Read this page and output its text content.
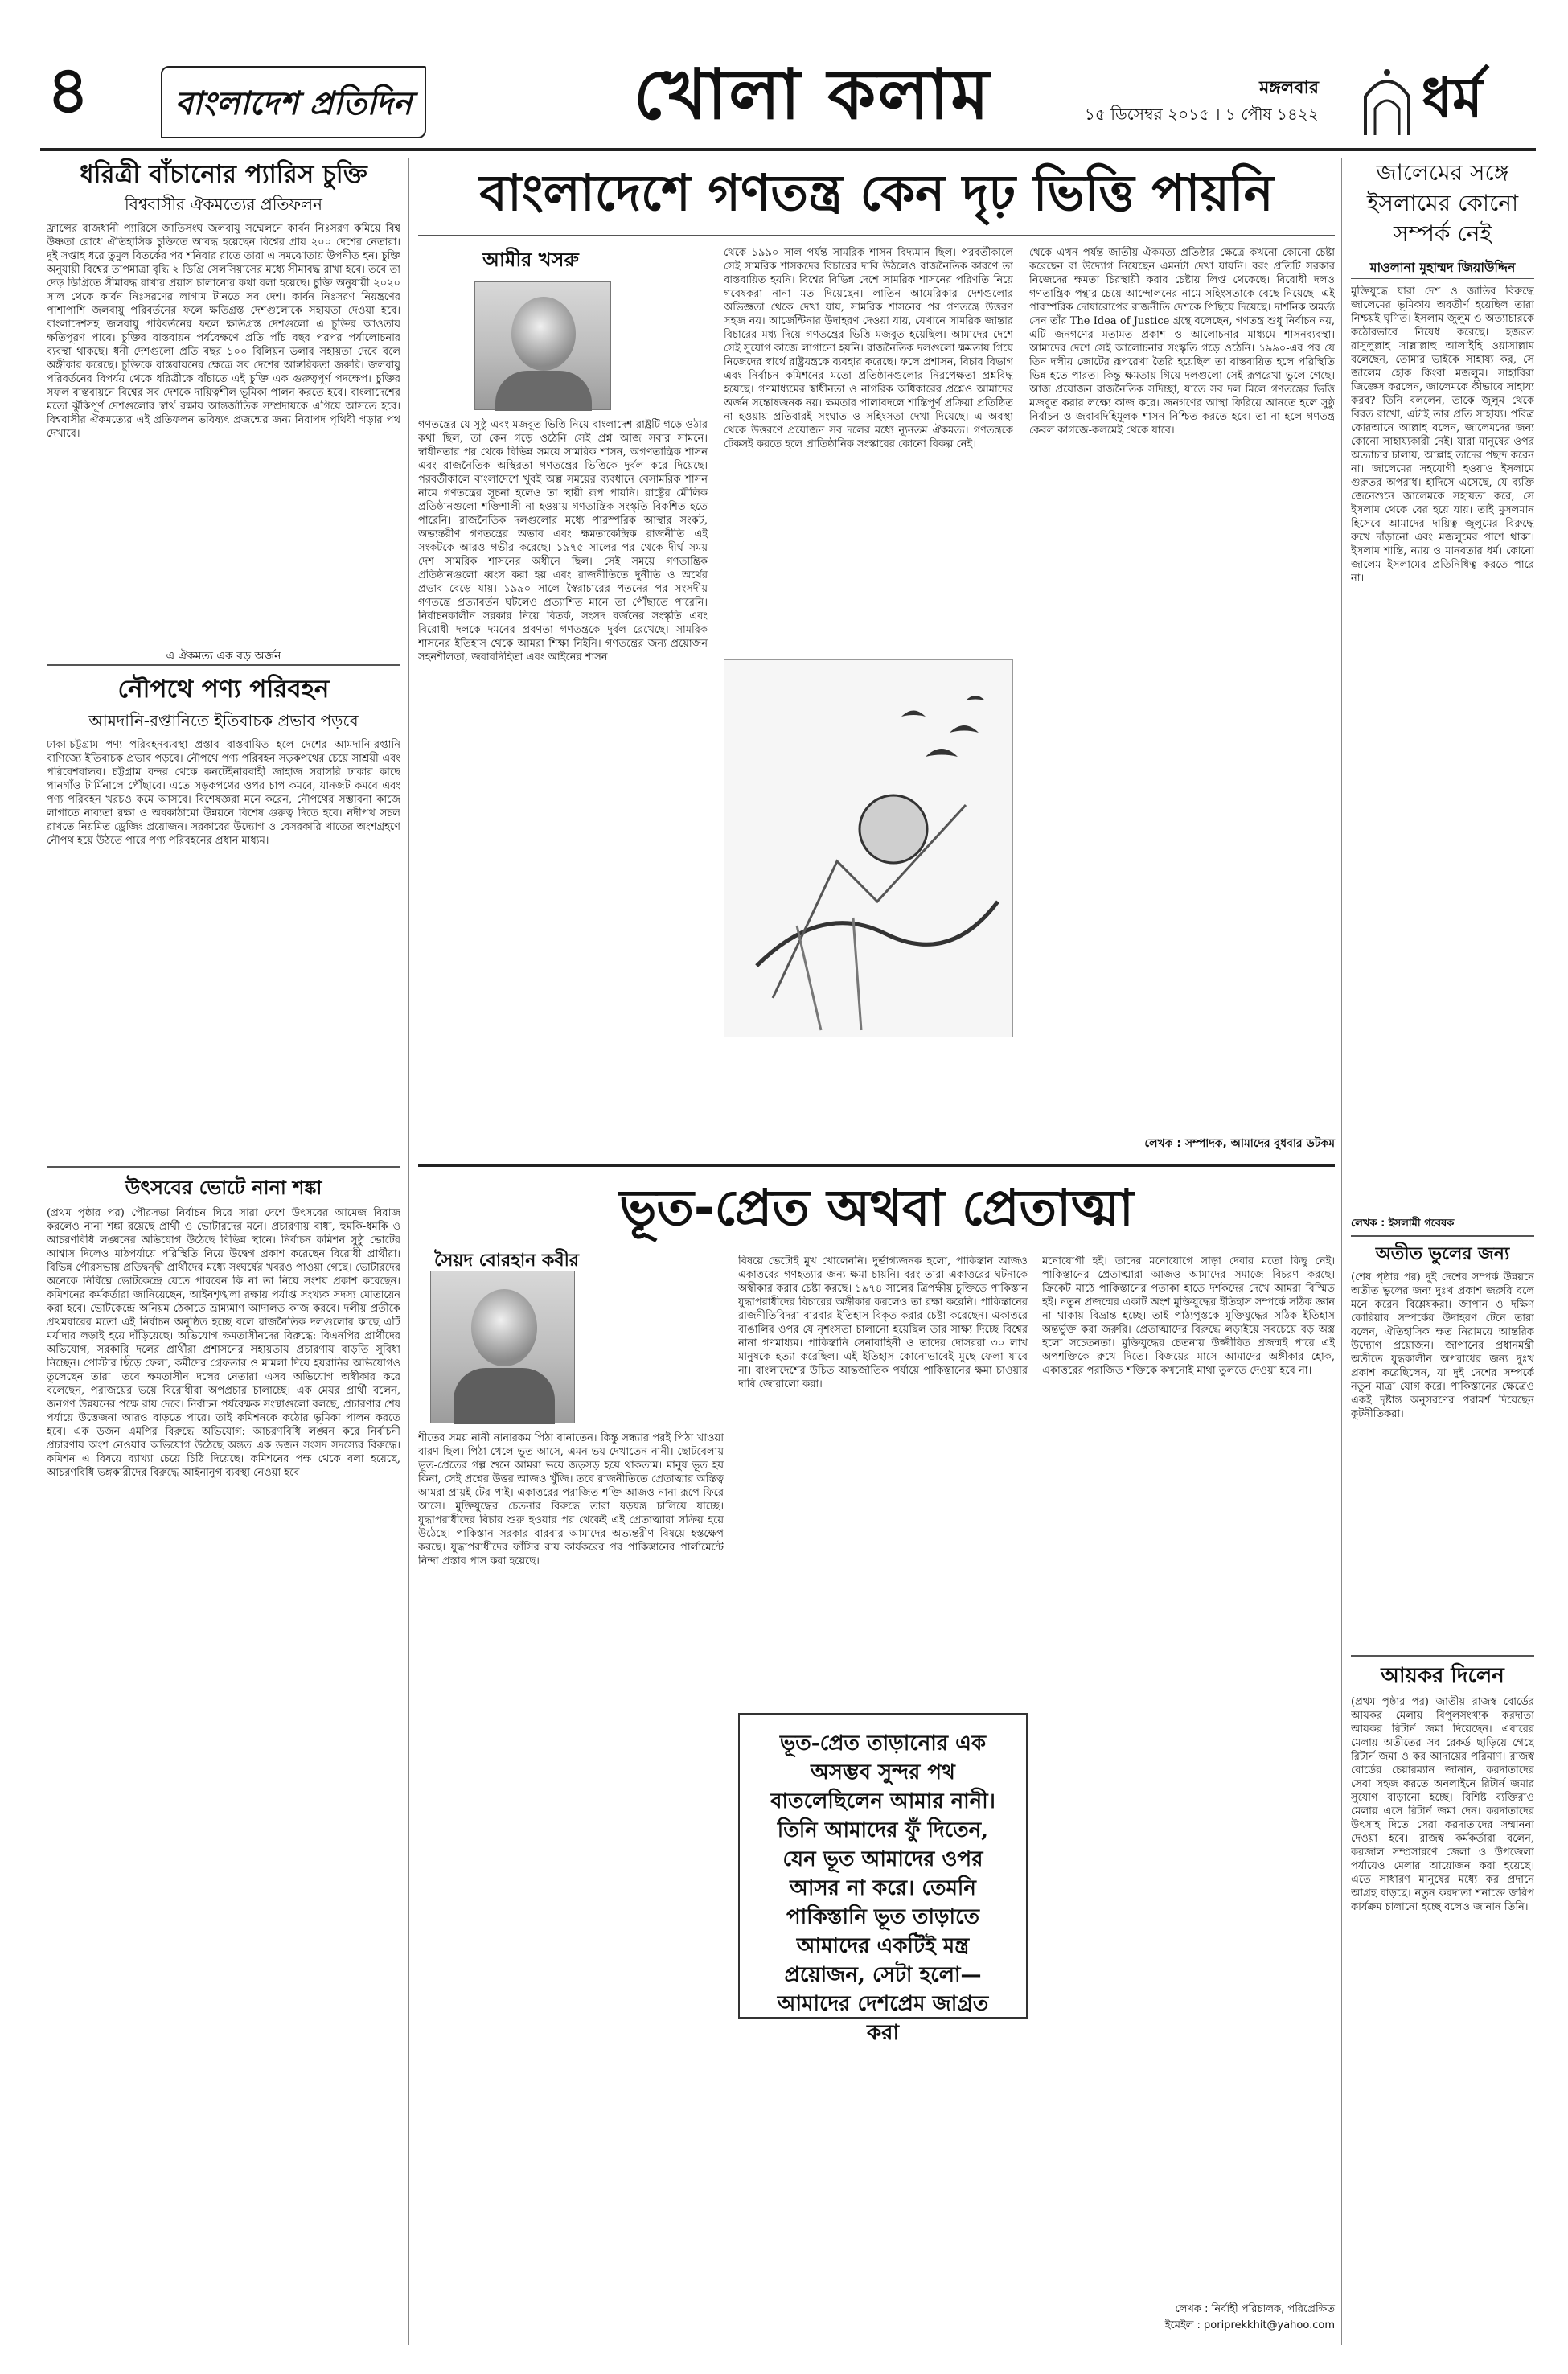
৪	বাংলাদেশ প্রতিদিন	খোলা কলাম	মঙ্গলবার
১৫ ডিসেম্বর ২০১৫ । ১ পৌষ ১৪২২ ধর্ম
ধরিত্রী বাঁচানোর প্যারিস চুক্তি
বিশ্ববাসীর ঐকমত্যের প্রতিফলন
ফ্রান্সের রাজধানী প্যারিসে জাতিসংঘ জলবায়ু সম্মেলনে কার্বন নিঃসরণ কমিয়ে বিশ্ব উষ্ণতা রোধে ঐতিহাসিক চুক্তিতে আবদ্ধ হয়েছেন বিশ্বের প্রায় ২০০ দেশের নেতারা। দুই সপ্তাহ ধরে তুমুল বিতর্কের পর শনিবার রাতে তারা এ সমঝোতায় উপনীত হন। চুক্তি অনুযায়ী বিশ্বের তাপমাত্রা বৃদ্ধি ২ ডিগ্রি সেলসিয়াসের মধ্যে সীমাবদ্ধ রাখা হবে। তবে তা দেড় ডিগ্রিতে সীমাবদ্ধ রাখার প্রয়াস চালানোর কথা বলা হয়েছে। চুক্তি অনুযায়ী ২০২০ সাল থেকে কার্বন নিঃসরণের লাগাম টানতে সব দেশ। কার্বন নিঃসরণ নিয়ন্ত্রণের পাশাপাশি জলবায়ু পরিবর্তনের ফলে ক্ষতিগ্রস্ত দেশগুলোকে সহায়তা দেওয়া হবে। বাংলাদেশসহ জলবায়ু পরিবর্তনের ফলে ক্ষতিগ্রস্ত দেশগুলো এ চুক্তির আওতায় ক্ষতিপূরণ পাবে। চুক্তির বাস্তবায়ন পর্যবেক্ষণে প্রতি পাঁচ বছর পরপর পর্যালোচনার ব্যবস্থা থাকছে। ধনী দেশগুলো প্রতি বছর ১০০ বিলিয়ন ডলার সহায়তা দেবে বলে অঙ্গীকার করেছে। চুক্তিকে বাস্তবায়নের ক্ষেত্রে সব দেশের আন্তরিকতা জরুরি। জলবায়ু পরিবর্তনের বিপর্যয় থেকে ধরিত্রীকে বাঁচাতে এই চুক্তি এক গুরুত্বপূর্ণ পদক্ষেপ। চুক্তির সফল বাস্তবায়নে বিশ্বের সব দেশকে দায়িত্বশীল ভূমিকা পালন করতে হবে। বাংলাদেশের মতো ঝুঁকিপূর্ণ দেশগুলোর স্বার্থ রক্ষায় আন্তর্জাতিক সম্প্রদায়কে এগিয়ে আসতে হবে। বিশ্ববাসীর ঐকমত্যের এই প্রতিফলন ভবিষ্যৎ প্রজন্মের জন্য নিরাপদ পৃথিবী গড়ার পথ দেখাবে।
এ ঐকমত্য এক বড় অর্জন
নৌপথে পণ্য পরিবহন
আমদানি-রপ্তানিতে ইতিবাচক প্রভাব পড়বে
ঢাকা-চট্টগ্রাম পণ্য পরিবহনব্যবস্থা প্রস্তাব বাস্তবায়িত হলে দেশের আমদানি-রপ্তানি বাণিজ্যে ইতিবাচক প্রভাব পড়বে। নৌপথে পণ্য পরিবহন সড়কপথের চেয়ে সাশ্রয়ী এবং পরিবেশবান্ধব। চট্টগ্রাম বন্দর থেকে কনটেইনারবাহী জাহাজ সরাসরি ঢাকার কাছে পানগাঁও টার্মিনালে পৌঁছাবে। এতে সড়কপথের ওপর চাপ কমবে, যানজট কমবে এবং পণ্য পরিবহন খরচও কমে আসবে। বিশেষজ্ঞরা মনে করেন, নৌপথের সম্ভাবনা কাজে লাগাতে নাব্যতা রক্ষা ও অবকাঠামো উন্নয়নে বিশেষ গুরুত্ব দিতে হবে। নদীপথ সচল রাখতে নিয়মিত ড্রেজিং প্রয়োজন। সরকারের উদ্যোগ ও বেসরকারি খাতের অংশগ্রহণে নৌপথ হয়ে উঠতে পারে পণ্য পরিবহনের প্রধান মাধ্যম।
উৎসবের ভোটে নানা শঙ্কা
(প্রথম পৃষ্ঠার পর) পৌরসভা নির্বাচন ঘিরে সারা দেশে উৎসবের আমেজ বিরাজ করলেও নানা শঙ্কা রয়েছে প্রার্থী ও ভোটারদের মনে। প্রচারণায় বাধা, হুমকি-ধমকি ও আচরণবিধি লঙ্ঘনের অভিযোগ উঠেছে বিভিন্ন স্থানে। নির্বাচন কমিশন সুষ্ঠু ভোটের আশ্বাস দিলেও মাঠপর্যায়ে পরিস্থিতি নিয়ে উদ্বেগ প্রকাশ করেছেন বিরোধী প্রার্থীরা। বিভিন্ন পৌরসভায় প্রতিদ্বন্দ্বী প্রার্থীদের মধ্যে সংঘর্ষের খবরও পাওয়া গেছে। ভোটারদের অনেকে নির্বিঘ্নে ভোটকেন্দ্রে যেতে পারবেন কি না তা নিয়ে সংশয় প্রকাশ করেছেন। কমিশনের কর্মকর্তারা জানিয়েছেন, আইনশৃঙ্খলা রক্ষায় পর্যাপ্ত সংখ্যক সদস্য মোতায়েন করা হবে। ভোটকেন্দ্রে অনিয়ম ঠেকাতে ভ্রাম্যমাণ আদালত কাজ করবে। দলীয় প্রতীকে প্রথমবারের মতো এই নির্বাচন অনুষ্ঠিত হচ্ছে বলে রাজনৈতিক দলগুলোর কাছে এটি মর্যাদার লড়াই হয়ে দাঁড়িয়েছে। অভিযোগ ক্ষমতাসীনদের বিরুদ্ধে: বিএনপির প্রার্থীদের অভিযোগ, সরকারি দলের প্রার্থীরা প্রশাসনের সহায়তায় প্রচারণায় বাড়তি সুবিধা নিচ্ছেন। পোস্টার ছিঁড়ে ফেলা, কর্মীদের গ্রেফতার ও মামলা দিয়ে হয়রানির অভিযোগও তুলেছেন তারা। তবে ক্ষমতাসীন দলের নেতারা এসব অভিযোগ অস্বীকার করে বলেছেন, পরাজয়ের ভয়ে বিরোধীরা অপপ্রচার চালাচ্ছে। এক মেয়র প্রার্থী বলেন, জনগণ উন্নয়নের পক্ষে রায় দেবে। নির্বাচন পর্যবেক্ষক সংস্থাগুলো বলছে, প্রচারণার শেষ পর্যায়ে উত্তেজনা আরও বাড়তে পারে। তাই কমিশনকে কঠোর ভূমিকা পালন করতে হবে। এক ডজন এমপির বিরুদ্ধে অভিযোগ: আচরণবিধি লঙ্ঘন করে নির্বাচনী প্রচারণায় অংশ নেওয়ার অভিযোগ উঠেছে অন্তত এক ডজন সংসদ সদস্যের বিরুদ্ধে। কমিশন এ বিষয়ে ব্যাখ্যা চেয়ে চিঠি দিয়েছে। কমিশনের পক্ষ থেকে বলা হয়েছে, আচরণবিধি ভঙ্গকারীদের বিরুদ্ধে আইনানুগ ব্যবস্থা নেওয়া হবে।
বাংলাদেশে গণতন্ত্র কেন দৃঢ় ভিত্তি পায়নি
আমীর খসরু
গণতন্ত্রের যে সুষ্ঠু এবং মজবুত ভিত্তি নিয়ে বাংলাদেশ রাষ্ট্রটি গড়ে ওঠার কথা ছিল, তা কেন গড়ে ওঠেনি সেই প্রশ্ন আজ সবার সামনে। স্বাধীনতার পর থেকে বিভিন্ন সময়ে সামরিক শাসন, অগণতান্ত্রিক শাসন এবং রাজনৈতিক অস্থিরতা গণতন্ত্রের ভিত্তিকে দুর্বল করে দিয়েছে। পরবর্তীকালে বাংলাদেশে খুবই অল্প সময়ের ব্যবধানে বেসামরিক শাসন নামে গণতন্ত্রের সূচনা হলেও তা স্থায়ী রূপ পায়নি। রাষ্ট্রের মৌলিক প্রতিষ্ঠানগুলো শক্তিশালী না হওয়ায় গণতান্ত্রিক সংস্কৃতি বিকশিত হতে পারেনি। রাজনৈতিক দলগুলোর মধ্যে পারস্পরিক আস্থার সংকট, অভ্যন্তরীণ গণতন্ত্রের অভাব এবং ক্ষমতাকেন্দ্রিক রাজনীতি এই সংকটকে আরও গভীর করেছে। ১৯৭৫ সালের পর থেকে দীর্ঘ সময় দেশ সামরিক শাসনের অধীনে ছিল। সেই সময়ে গণতান্ত্রিক প্রতিষ্ঠানগুলো ধ্বংস করা হয় এবং রাজনীতিতে দুর্নীতি ও অর্থের প্রভাব বেড়ে যায়। ১৯৯০ সালে স্বৈরাচারের পতনের পর সংসদীয় গণতন্ত্রে প্রত্যাবর্তন ঘটলেও প্রত্যাশিত মানে তা পৌঁছাতে পারেনি। নির্বাচনকালীন সরকার নিয়ে বিতর্ক, সংসদ বর্জনের সংস্কৃতি এবং বিরোধী দলকে দমনের প্রবণতা গণতন্ত্রকে দুর্বল রেখেছে। সামরিক শাসনের ইতিহাস থেকে আমরা শিক্ষা নিইনি। গণতন্ত্রের জন্য প্রয়োজন সহনশীলতা, জবাবদিহিতা এবং আইনের শাসন।
থেকে ১৯৯০ সাল পর্যন্ত সামরিক শাসন বিদ্যমান ছিল। পরবর্তীকালে সেই সামরিক শাসকদের বিচারের দাবি উঠলেও রাজনৈতিক কারণে তা বাস্তবায়িত হয়নি। বিশ্বের বিভিন্ন দেশে সামরিক শাসনের পরিণতি নিয়ে গবেষকরা নানা মত দিয়েছেন। লাতিন আমেরিকার দেশগুলোর অভিজ্ঞতা থেকে দেখা যায়, সামরিক শাসনের পর গণতন্ত্রে উত্তরণ সহজ নয়। আর্জেন্টিনার উদাহরণ দেওয়া যায়, যেখানে সামরিক জান্তার বিচারের মধ্য দিয়ে গণতন্ত্রের ভিত্তি মজবুত হয়েছিল। আমাদের দেশে সেই সুযোগ কাজে লাগানো হয়নি। রাজনৈতিক দলগুলো ক্ষমতায় গিয়ে নিজেদের স্বার্থে রাষ্ট্রযন্ত্রকে ব্যবহার করেছে। ফলে প্রশাসন, বিচার বিভাগ এবং নির্বাচন কমিশনের মতো প্রতিষ্ঠানগুলোর নিরপেক্ষতা প্রশ্নবিদ্ধ হয়েছে। গণমাধ্যমের স্বাধীনতা ও নাগরিক অধিকারের প্রশ্নেও আমাদের অর্জন সন্তোষজনক নয়। ক্ষমতার পালাবদলে শান্তিপূর্ণ প্রক্রিয়া প্রতিষ্ঠিত না হওয়ায় প্রতিবারই সংঘাত ও সহিংসতা দেখা দিয়েছে। এ অবস্থা থেকে উত্তরণে প্রয়োজন সব দলের মধ্যে ন্যূনতম ঐকমত্য। গণতন্ত্রকে টেকসই করতে হলে প্রাতিষ্ঠানিক সংস্কারের কোনো বিকল্প নেই।
থেকে এখন পর্যন্ত জাতীয় ঐকমত্য প্রতিষ্ঠার ক্ষেত্রে কখনো কোনো চেষ্টা করেছেন বা উদ্যোগ নিয়েছেন এমনটা দেখা যায়নি। বরং প্রতিটি সরকার নিজেদের ক্ষমতা চিরস্থায়ী করার চেষ্টায় লিপ্ত থেকেছে। বিরোধী দলও গণতান্ত্রিক পন্থার চেয়ে আন্দোলনের নামে সহিংসতাকে বেছে নিয়েছে। এই পারস্পরিক দোষারোপের রাজনীতি দেশকে পিছিয়ে দিয়েছে। দার্শনিক অমর্ত্য সেন তাঁর The Idea of Justice গ্রন্থে বলেছেন, গণতন্ত্র শুধু নির্বাচন নয়, এটি জনগণের মতামত প্রকাশ ও আলোচনার মাধ্যমে শাসনব্যবস্থা। আমাদের দেশে সেই আলোচনার সংস্কৃতি গড়ে ওঠেনি। ১৯৯০-এর পর যে তিন দলীয় জোটের রূপরেখা তৈরি হয়েছিল তা বাস্তবায়িত হলে পরিস্থিতি ভিন্ন হতে পারত। কিন্তু ক্ষমতায় গিয়ে দলগুলো সেই রূপরেখা ভুলে গেছে। আজ প্রয়োজন রাজনৈতিক সদিচ্ছা, যাতে সব দল মিলে গণতন্ত্রের ভিত্তি মজবুত করার লক্ষ্যে কাজ করে। জনগণের আস্থা ফিরিয়ে আনতে হলে সুষ্ঠু নির্বাচন ও জবাবদিহিমূলক শাসন নিশ্চিত করতে হবে। তা না হলে গণতন্ত্র কেবল কাগজে-কলমেই থেকে যাবে।
লেখক : সম্পাদক, আমাদের বুধবার ডটকম
ভূত-প্রেত অথবা প্রেতাত্মা
সৈয়দ বোরহান কবীর
শীতের সময় নানী নানারকম পিঠা বানাতেন। কিন্তু সন্ধ্যার পরই পিঠা খাওয়া বারণ ছিল। পিঠা খেলে ভূত আসে, এমন ভয় দেখাতেন নানী। ছোটবেলায় ভূত-প্রেতের গল্প শুনে আমরা ভয়ে জড়সড় হয়ে থাকতাম। মানুষ ভূত হয় কিনা, সেই প্রশ্নের উত্তর আজও খুঁজি। তবে রাজনীতিতে প্রেতাত্মার অস্তিত্ব আমরা প্রায়ই টের পাই। একাত্তরের পরাজিত শক্তি আজও নানা রূপে ফিরে আসে। মুক্তিযুদ্ধের চেতনার বিরুদ্ধে তারা ষড়যন্ত্র চালিয়ে যাচ্ছে। যুদ্ধাপরাধীদের বিচার শুরু হওয়ার পর থেকেই এই প্রেতাত্মারা সক্রিয় হয়ে উঠেছে। পাকিস্তান সরকার বারবার আমাদের অভ্যন্তরীণ বিষয়ে হস্তক্ষেপ করছে। যুদ্ধাপরাধীদের ফাঁসির রায় কার্যকরের পর পাকিস্তানের পার্লামেন্টে নিন্দা প্রস্তাব পাস করা হয়েছে।
বিষয়ে ভেটোই মুখ খোলেননি। দুর্ভাগ্যজনক হলো, পাকিস্তান আজও একাত্তরের গণহত্যার জন্য ক্ষমা চায়নি। বরং তারা একাত্তরের ঘটনাকে অস্বীকার করার চেষ্টা করছে। ১৯৭৪ সালের ত্রিপক্ষীয় চুক্তিতে পাকিস্তান যুদ্ধাপরাধীদের বিচারের অঙ্গীকার করলেও তা রক্ষা করেনি। পাকিস্তানের রাজনীতিবিদরা বারবার ইতিহাস বিকৃত করার চেষ্টা করেছেন। একাত্তরে বাঙালির ওপর যে নৃশংসতা চালানো হয়েছিল তার সাক্ষ্য দিচ্ছে বিশ্বের নানা গণমাধ্যম। পাকিস্তানি সেনাবাহিনী ও তাদের দোসররা ৩০ লাখ মানুষকে হত্যা করেছিল। এই ইতিহাস কোনোভাবেই মুছে ফেলা যাবে না। বাংলাদেশের উচিত আন্তর্জাতিক পর্যায়ে পাকিস্তানের ক্ষমা চাওয়ার দাবি জোরালো করা।
ভূত-প্রেত তাড়ানোর এক অসম্ভব সুন্দর পথ বাতলেছিলেন আমার নানী। তিনি আমাদের ফুঁ দিতেন, যেন ভূত আমাদের ওপর আসর না করে। তেমনি পাকিস্তানি ভূত তাড়াতে আমাদের একটিই মন্ত্র প্রয়োজন, সেটা হলো— আমাদের দেশপ্রেম জাগ্রত করা
মনোযোগী হই। তাদের মনোযোগে সাড়া দেবার মতো কিছু নেই। পাকিস্তানের প্রেতাত্মারা আজও আমাদের সমাজে বিচরণ করছে। ক্রিকেট মাঠে পাকিস্তানের পতাকা হাতে দর্শকদের দেখে আমরা বিস্মিত হই। নতুন প্রজন্মের একটি অংশ মুক্তিযুদ্ধের ইতিহাস সম্পর্কে সঠিক জ্ঞান না থাকায় বিভ্রান্ত হচ্ছে। তাই পাঠ্যপুস্তকে মুক্তিযুদ্ধের সঠিক ইতিহাস অন্তর্ভুক্ত করা জরুরি। প্রেতাত্মাদের বিরুদ্ধে লড়াইয়ে সবচেয়ে বড় অস্ত্র হলো সচেতনতা। মুক্তিযুদ্ধের চেতনায় উজ্জীবিত প্রজন্মই পারে এই অপশক্তিকে রুখে দিতে। বিজয়ের মাসে আমাদের অঙ্গীকার হোক, একাত্তরের পরাজিত শক্তিকে কখনোই মাথা তুলতে দেওয়া হবে না।
লেখক : নির্বাহী পরিচালক, পরিপ্রেক্ষিত
ইমেইল : poriprekkhit@yahoo.com
জালেমের সঙ্গে ইসলামের কোনো সম্পর্ক নেই
মাওলানা মুহাম্মদ জিয়াউদ্দিন
মুক্তিযুদ্ধে যারা দেশ ও জাতির বিরুদ্ধে জালেমের ভূমিকায় অবতীর্ণ হয়েছিল তারা নিশ্চয়ই ঘৃণিত। ইসলাম জুলুম ও অত্যাচারকে কঠোরভাবে নিষেধ করেছে। হজরত রাসুলুল্লাহ সাল্লাল্লাহু আলাইহি ওয়াসাল্লাম বলেছেন, তোমার ভাইকে সাহায্য কর, সে জালেম হোক কিংবা মজলুম। সাহাবিরা জিজ্ঞেস করলেন, জালেমকে কীভাবে সাহায্য করব? তিনি বললেন, তাকে জুলুম থেকে বিরত রাখো, এটাই তার প্রতি সাহায্য। পবিত্র কোরআনে আল্লাহ বলেন, জালেমদের জন্য কোনো সাহায্যকারী নেই। যারা মানুষের ওপর অত্যাচার চালায়, আল্লাহ তাদের পছন্দ করেন না। জালেমের সহযোগী হওয়াও ইসলামে গুরুতর অপরাধ। হাদিসে এসেছে, যে ব্যক্তি জেনেশুনে জালেমকে সহায়তা করে, সে ইসলাম থেকে বের হয়ে যায়। তাই মুসলমান হিসেবে আমাদের দায়িত্ব জুলুমের বিরুদ্ধে রুখে দাঁড়ানো এবং মজলুমের পাশে থাকা। ইসলাম শান্তি, ন্যায় ও মানবতার ধর্ম। কোনো জালেম ইসলামের প্রতিনিধিত্ব করতে পারে না।
লেখক : ইসলামী গবেষক
অতীত ভুলের জন্য
(শেষ পৃষ্ঠার পর) দুই দেশের সম্পর্ক উন্নয়নে অতীত ভুলের জন্য দুঃখ প্রকাশ জরুরি বলে মনে করেন বিশ্লেষকরা। জাপান ও দক্ষিণ কোরিয়ার সম্পর্কের উদাহরণ টেনে তারা বলেন, ঐতিহাসিক ক্ষত নিরাময়ে আন্তরিক উদ্যোগ প্রয়োজন। জাপানের প্রধানমন্ত্রী অতীতে যুদ্ধকালীন অপরাধের জন্য দুঃখ প্রকাশ করেছিলেন, যা দুই দেশের সম্পর্কে নতুন মাত্রা যোগ করে। পাকিস্তানের ক্ষেত্রেও একই দৃষ্টান্ত অনুসরণের পরামর্শ দিয়েছেন কূটনীতিকরা।
আয়কর দিলেন
(প্রথম পৃষ্ঠার পর) জাতীয় রাজস্ব বোর্ডের আয়কর মেলায় বিপুলসংখ্যক করদাতা আয়কর রিটার্ন জমা দিয়েছেন। এবারের মেলায় অতীতের সব রেকর্ড ছাড়িয়ে গেছে রিটার্ন জমা ও কর আদায়ের পরিমাণ। রাজস্ব বোর্ডের চেয়ারম্যান জানান, করদাতাদের সেবা সহজ করতে অনলাইনে রিটার্ন জমার সুযোগ বাড়ানো হচ্ছে। বিশিষ্ট ব্যক্তিরাও মেলায় এসে রিটার্ন জমা দেন। করদাতাদের উৎসাহ দিতে সেরা করদাতাদের সম্মাননা দেওয়া হবে। রাজস্ব কর্মকর্তারা বলেন, করজাল সম্প্রসারণে জেলা ও উপজেলা পর্যায়েও মেলার আয়োজন করা হয়েছে। এতে সাধারণ মানুষের মধ্যে কর প্রদানে আগ্রহ বাড়ছে। নতুন করদাতা শনাক্তে জরিপ কার্যক্রম চালানো হচ্ছে বলেও জানান তিনি।
